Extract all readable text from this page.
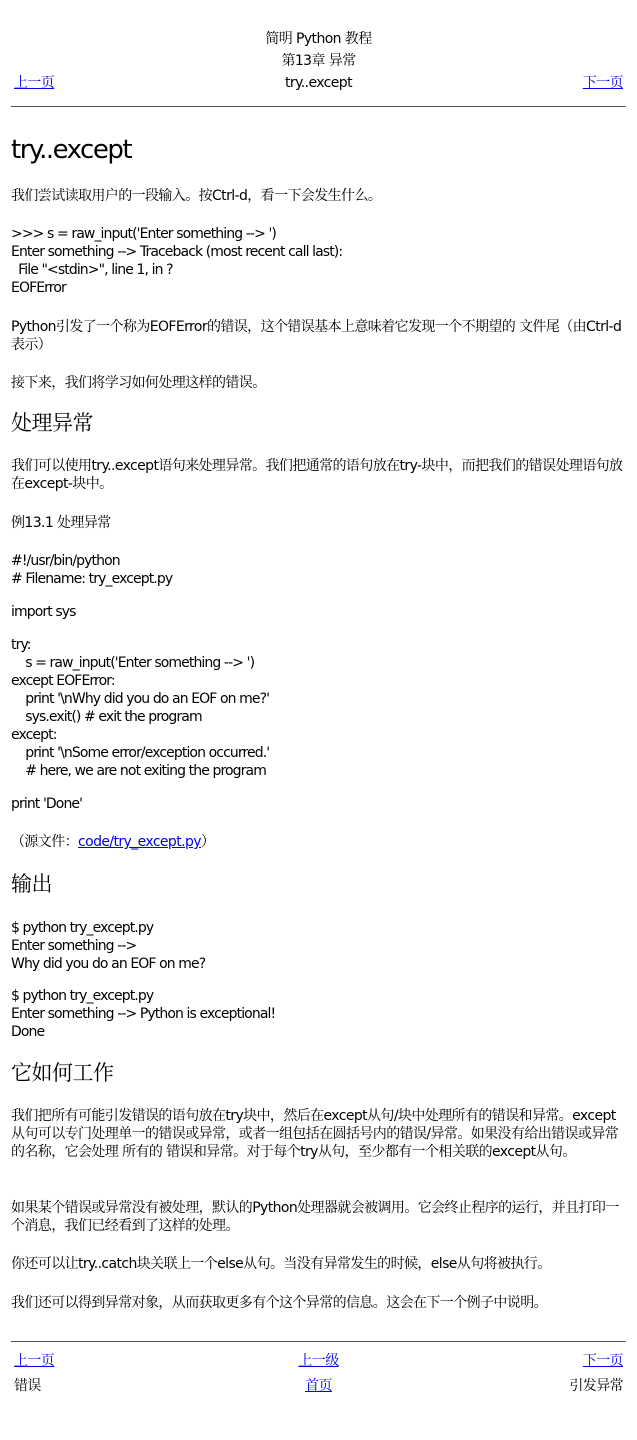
简明 Python 教程
第13章 异常
try..except
上一页	下一页
try..except

我们尝试读取用户的一段输入。按Ctrl-d，看一下会发生什么。

>>> s = raw_input('Enter something --> ')
Enter something --> Traceback (most recent call last):
File "<stdin>", line 1, in ?
EOFError

Python引发了一个称为EOFError的错误，这个错误基本上意味着它发现一个不期望的 文件尾（由Ctrl-d表示）

接下来，我们将学习如何处理这样的错误。

处理异常

我们可以使用try..except语句来处理异常。我们把通常的语句放在try-块中，而把我们的错误处理语句放在except-块中。

例13.1 处理异常

#!/usr/bin/python
# Filename: try_except.py
import sys
try:
s = raw_input('Enter something --> ')
except EOFError:
print '\nWhy did you do an EOF on me?'
sys.exit() # exit the program
except:
print '\nSome error/exception occurred.'
# here, we are not exiting the program
print 'Done'

（源文件：code/try_except.py）

输出
$ python try_except.py
Enter something -->
Why did you do an EOF on me?
$ python try_except.py
Enter something --> Python is exceptional!
Done
它如何工作

我们把所有可能引发错误的语句放在try块中，然后在except从句/块中处理所有的错误和异常。except从句可以专门处理单一的错误或异常，或者一组包括在圆括号内的错误/异常。如果没有给出错误或异常的名称，它会处理 所有的 错误和异常。对于每个try从句，至少都有一个相关联的except从句。

如果某个错误或异常没有被处理，默认的Python处理器就会被调用。它会终止程序的运行，并且打印一个消息，我们已经看到了这样的处理。

你还可以让try..catch块关联上一个else从句。当没有异常发生的时候，else从句将被执行。

我们还可以得到异常对象，从而获取更多有个这个异常的信息。这会在下一个例子中说明。

上一页	上一级	下一页
错误	首页	引发异常
